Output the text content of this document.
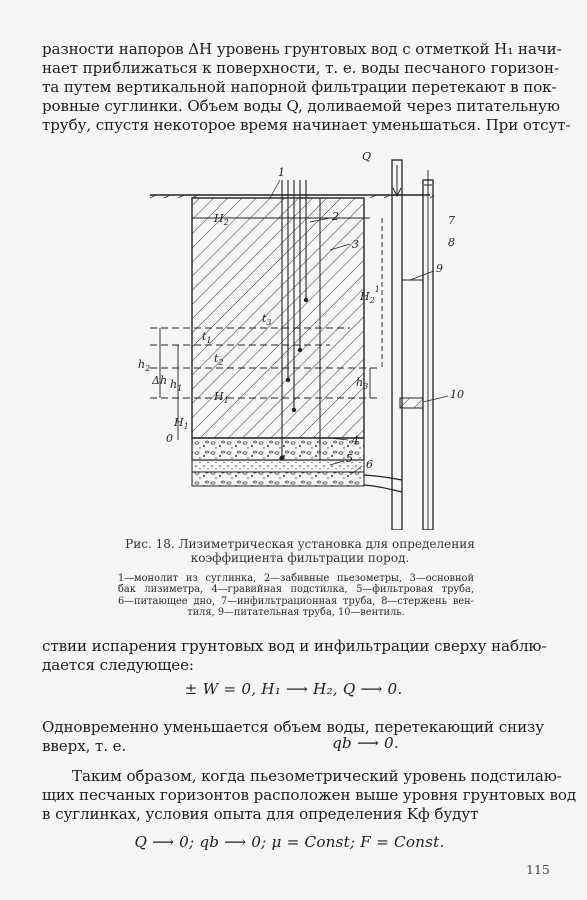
разности напоров ΔH уровень грунтовых вод с отметкой H₁ начи-
нает приближаться к поверхности, т. е. воды песчаного горизон-
та путем вертикальной напорной фильтрации перетекают в пок-
ровные суглинки. Объем воды Q, доливаемой через питательную
трубу, спустя некоторое время начинает уменьшаться. При отсут-
Q
1
2
3
4
5 6
7
8
9
10
$H_2$
$t_3$
$t_1$
$t_2$
$h_2$
Δh $h_1$
$H_1$
$H_1$
0
$H_2^1$
$h_3$
Рис. 18. Лизиметрическая установка для определения
коэффициента фильтрации пород.
1—монолит из суглинка, 2—забивные пьезометры, 3—основной
бак лизиметра, 4—гравийная подстилка, 5—фильтровая труба,
6—питающее дно, 7—инфильтрационная труба, 8—стержень вен-
тиля, 9—питательная труба, 10—вентиль.
ствии испарения грунтовых вод и инфильтрации сверху наблю-
дается следующее:
± W = 0, H₁ ⟶ H₂, Q ⟶ 0.
Одновременно уменьшается объем воды, перетекающий снизу
вверх, т. е.	qb ⟶ 0.
Таким образом, когда пьезометрический уровень подстилаю-
щих песчаных горизонтов расположен выше уровня грунтовых вод
в суглинках, условия опыта для определения Kф будут
Q ⟶ 0; qb ⟶ 0; μ = Const; F = Const.
115
